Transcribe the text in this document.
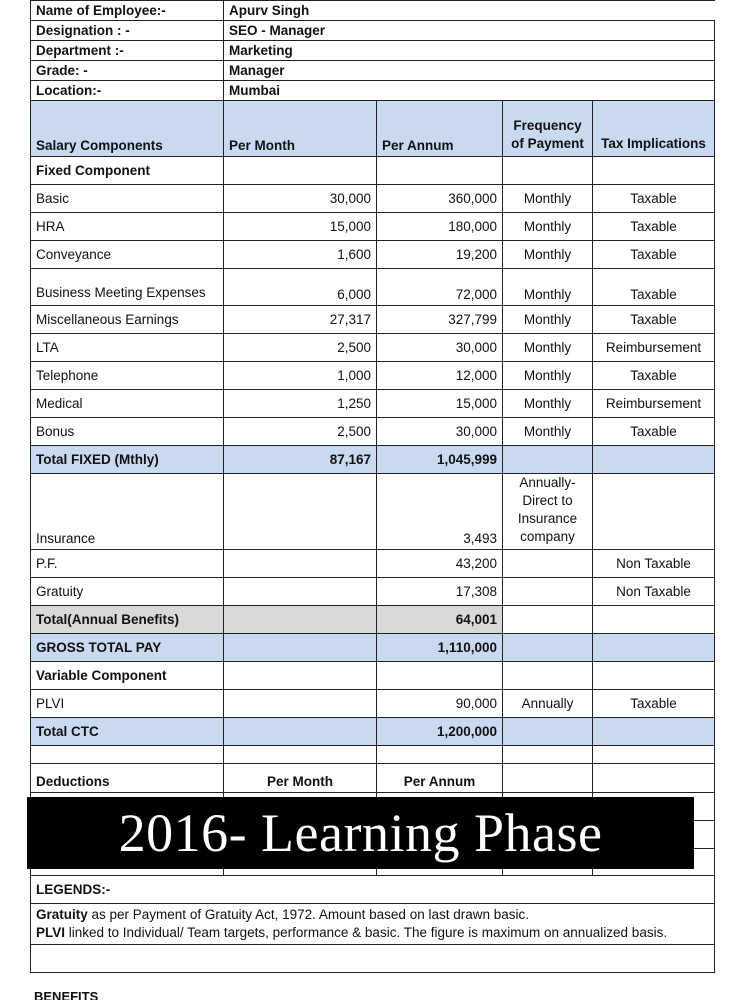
Name of Employee:-	Apurv Singh			
Designation : -	SEO - Manager			
Department :-	Marketing			
Grade: -	Manager			
Location:-	Mumbai			
Salary Components	Per Month	Per Annum	Frequency of Payment	Tax Implications
Fixed Component				
Basic	30,000	360,000	Monthly	Taxable
HRA	15,000	180,000	Monthly	Taxable
Conveyance	1,600	19,200	Monthly	Taxable
Business Meeting Expenses	6,000	72,000	Monthly	Taxable
Miscellaneous Earnings	27,317	327,799	Monthly	Taxable
LTA	2,500	30,000	Monthly	Reimbursement
Telephone	1,000	12,000	Monthly	Taxable
Medical	1,250	15,000	Monthly	Reimbursement
Bonus	2,500	30,000	Monthly	Taxable
Total FIXED (Mthly)	87,167	1,045,999		
Insurance		3,493	Annually- Direct to Insurance company	
P.F.		43,200		Non Taxable
Gratuity		17,308		Non Taxable
Total(Annual Benefits)		64,001		
GROSS TOTAL PAY		1,110,000		
Variable Component				
PLVI		90,000	Annually	Taxable
Total CTC		1,200,000		

Deductions	Per Month	Per Annum		

LEGENDS:-				

Gratuity as per Payment of Gratuity Act, 1972. Amount based on last drawn basic.
PLVI linked to Individual/ Team targets, performance & basic. The figure is maximum on annualized basis.				

BENEFITS
2016- Learning Phase
